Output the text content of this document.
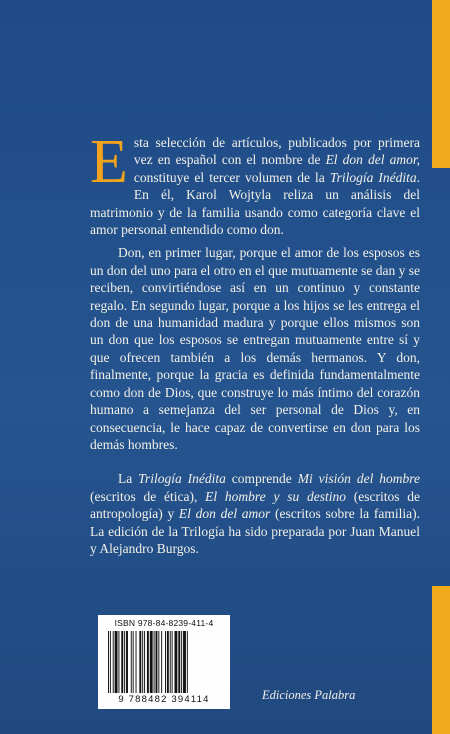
Esta selección de artículos, publicados por primera vez en español con el nombre de El don del amor, constituye el tercer volumen de la Trilogía Inédita. En él, Karol Wojtyla reliza un análisis del matrimonio y de la familia usando como categoría clave el amor personal entendido como don.

Don, en primer lugar, porque el amor de los esposos es un don del uno para el otro en el que mutuamente se dan y se reciben, convirtiéndose así en un continuo y constante regalo. En segundo lugar, porque a los hijos se les entrega el don de una humanidad madura y porque ellos mismos son un don que los esposos se entregan mutuamente entre sí y que ofrecen también a los demás hermanos. Y don, finalmente, porque la gracia es definida fundamentalmente como don de Dios, que construye lo más íntimo del corazón humano a semejanza del ser personal de Dios y, en consecuencia, le hace capaz de convertirse en don para los demás hombres.

La Trilogía Inédita comprende Mi visión del hombre (escritos de ética), El hombre y su destino (escritos de antropología) y El don del amor (escritos sobre la familia). La edición de la Trilogía ha sido preparada por Juan Manuel y Alejandro Burgos.

ISBN 978-84-8239-411-4
9 788482 394114	Ediciones Palabra
